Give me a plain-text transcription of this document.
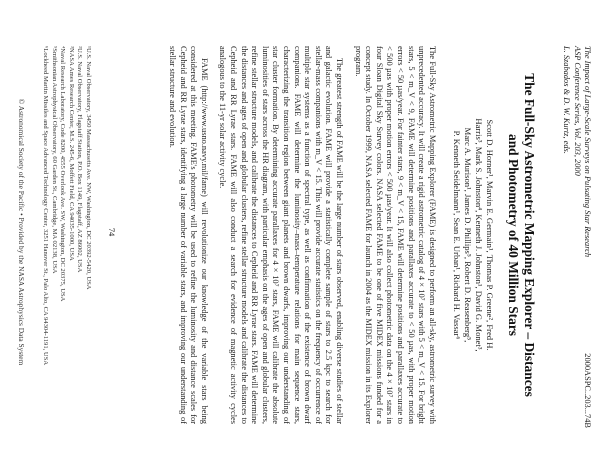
The Impact of Large-Scale Surveys on Pulsating Star Research
ASP Conference Series, Vol. 203, 2000
L. Szabados & D. W. Kurtz, eds.
2000ASPC..203...74B
The Full-Sky Astrometric Mapping Explorer – Distances
and Photometry of 40 Million Stars
Scott D. Horner¹, Marvin E. Germain¹, Thomas P. Greene², Fred H.
Harris³, Mark S. Johnston⁴, Kenneth J. Johnston¹, David G. Monet³,
Marc A. Murison¹, James D. Phillips⁵, Robert D. Reasenberg⁵,
P. Kenneth Seidelmann¹, Sean E. Urban¹, Richard H. Vassar⁶
The Full-Sky Astrometric Mapping Explorer (FAME) is designed to perform an all-sky, astrometric survey with unprecedented accuracy. It will create a rigid astrometric catalog of 4 × 10⁷ stars with 5 < m_V < 15. For bright stars, 5 < m_V < 9, FAME will determine positions and parallaxes accurate to < 50 µas, with proper motion errors < 50 µas/year. For fainter stars, 9 < m_V < 15, FAME will determine positions and parallaxes accurate to < 500 µas with proper motion errors < 500 µas/year. It will also collect photometric data on the 4 × 10⁷ stars in four Sloan Digital Sky Survey colors. NASA selected FAME to be one of five MIDEX missions funded for a concept study. In October 1999, NASA selected FAME for launch in 2004 as the MIDEX mission in its Explorer program.
The greatest strength of FAME will be the large number of stars observed, enabling diverse studies of stellar and galactic evolution. FAME will provide a statistically complete sample of stars to 2.5 kpc to search for stellar-mass companions with m_V < 15. This will provide accurate statistics on the frequency of occurrence of multiple star systems as a function of spectral type, as well as confirmation of the existence of brown dwarf companions. FAME will determine the luminosity–mass–temperature relations for main sequence stars, characterizing the transition region between giant planets and brown dwarfs, improving our understanding of star cluster formation. By determining accurate parallaxes for 4 × 10⁷ stars, FAME will calibrate the absolute luminosities of stars across the HR diagram, with particular emphasis on the ages of open and globular clusters, refine stellar structure models, and calibrate the distances to Cepheid and RR Lyrae stars. FAME will determine the distances and ages of open and globular clusters, refine stellar structure models and calibrate the distances to Cepheid and RR Lyrae stars. FAME will also conduct a search for evidence of magnetic activity cycles analogous to the 11-yr solar activity cycle.
FAME (http://www.usno.navy.mil/fame) will revolutionize our knowledge of the variable stars being considered at this meeting. FAME's photometry will be used to refine the luminosity and distance scales for Cepheid and RR Lyrae stars, identifying a large number of variable stars, and improving our understanding of stellar structure and evolution.
74
¹U.S. Naval Observatory, 3450 Massachusetts Ave. NW, Washington, DC 20392-5420, USA
²U.S. Naval Observatory, Flagstaff Station, P.O. Box 1149, Flagstaff, AZ 86002, USA
³NASA Ames Research Center, M.S. 245-6, Moffett Field, CA 94035-1000, USA
⁴Naval Research Laboratory, Code 8200, 4555 Overlook Ave. SW, Washington, DC 20375, USA
⁵Smithsonian Astrophysical Observatory, 60 Garden St., Cambridge, MA 02138, USA
⁶Lockheed Martin Missiles and Space Advanced Technology Center, 3251 Hanover St., Palo Alto, CA 94304-1191, USA
© Astronomical Society of the Pacific • Provided by the NASA Astrophysics Data System
